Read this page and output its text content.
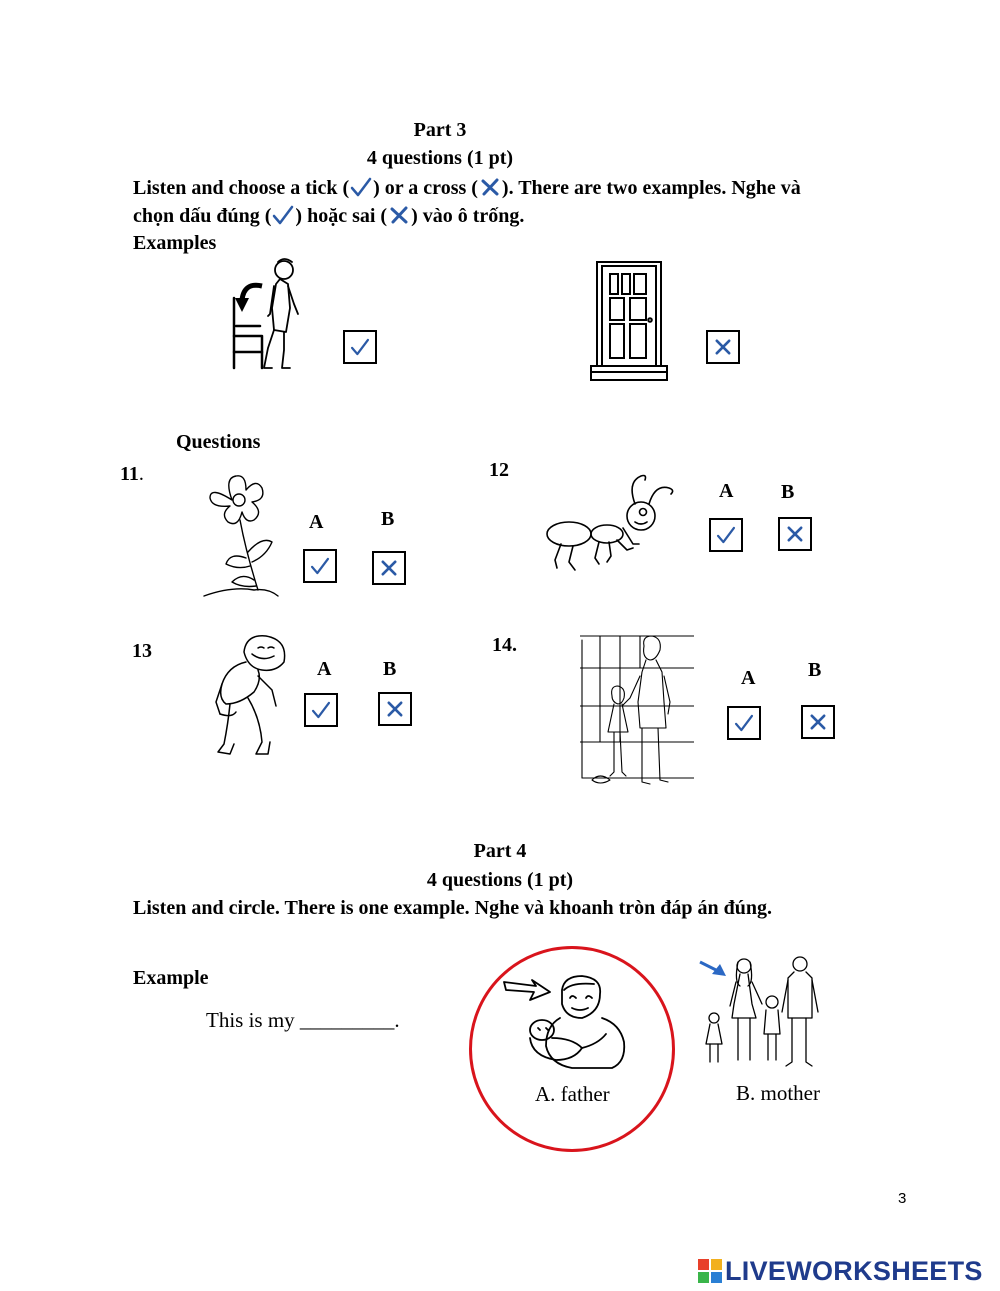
Part 3
4 questions (1 pt)
Listen and choose a tick ( ) or a cross ( ). There are two examples. Nghe và
chọn dấu đúng ( ) hoặc sai ( ) vào ô trống.
Examples
Questions
11.
A	B
12
A B
13
A	B
14.
A	B
Part 4
4 questions (1 pt)
Listen and circle. There is one example. Nghe và khoanh tròn đáp án đúng.
Example
This is my _________.
A. father	B. mother
3
LIVEWORKSHEETS
